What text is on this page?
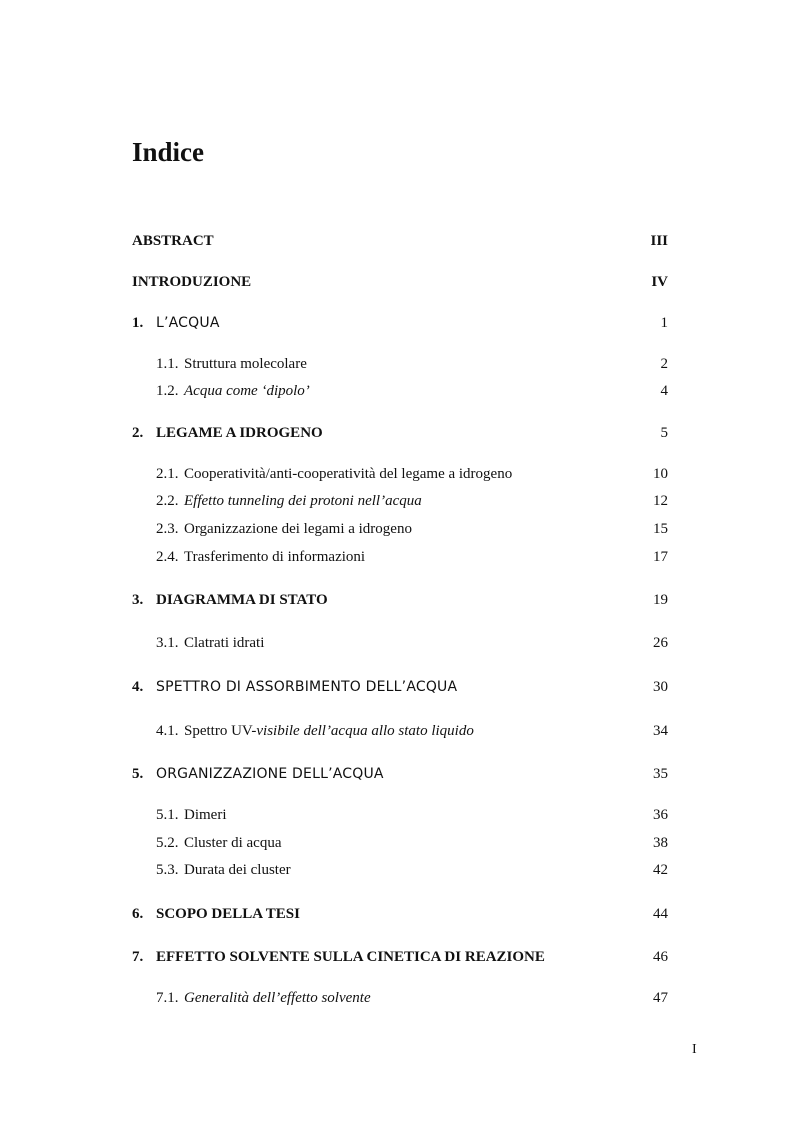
Indice
ABSTRACT	III
INTRODUZIONE	IV
1. L’ACQUA	1
1.1. Struttura molecolare	2
1.2. Acqua come ‘dipolo’	4
2. LEGAME A IDROGENO	5
2.1. Cooperatività/anti-cooperatività del legame a idrogeno	10
2.2. Effetto tunneling dei protoni nell’acqua	12
2.3. Organizzazione dei legami a idrogeno	15
2.4. Trasferimento di informazioni	17
3. DIAGRAMMA DI STATO	19
3.1. Clatrati idrati	26
4. SPETTRO DI ASSORBIMENTO DELL’ACQUA	30
4.1. Spettro UV-visibile dell’acqua allo stato liquido	34
5. ORGANIZZAZIONE DELL’ACQUA	35
5.1. Dimeri	36
5.2. Cluster di acqua	38
5.3. Durata dei cluster	42
6. SCOPO DELLA TESI	44
7. EFFETTO SOLVENTE SULLA CINETICA DI REAZIONE	46
7.1. Generalità dell’effetto solvente	47
I
